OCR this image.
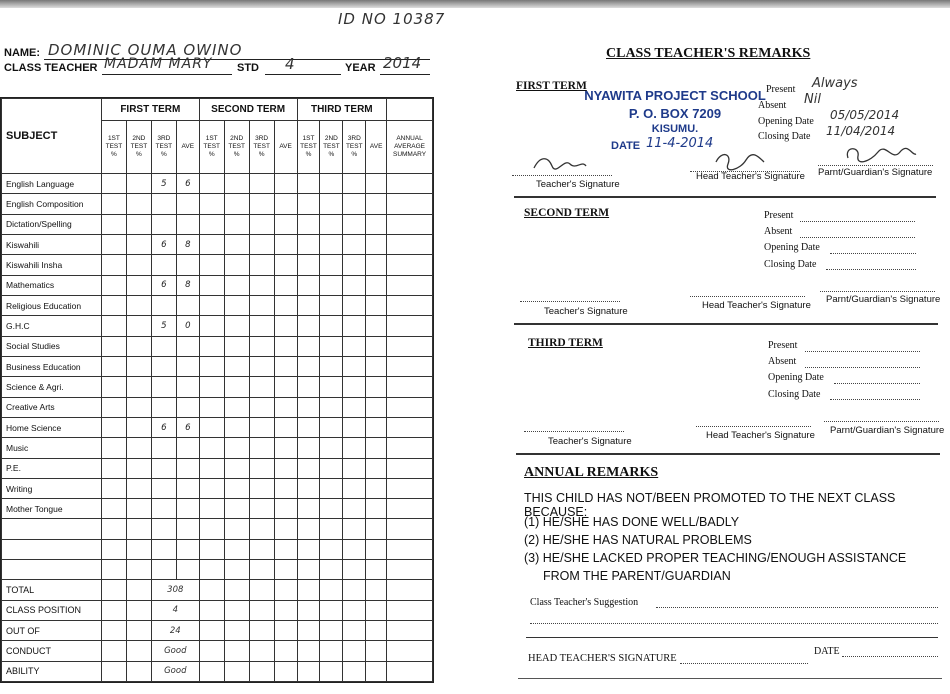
ID NO 10387
NAME: DOMINIC OUMA OWINO
CLASS TEACHER MADAM MARY STD 4	YEAR 2014
SUBJECT	FIRST TERM				SECOND TERM				THIRD TERM				
	1ST TEST %	2ND TEST %	3RD TEST %	AVE	1ST TEST %	2ND TEST %	3RD TEST %	AVE	1ST TEST %	2ND TEST %	3RD TEST %	AVE	ANNUAL AVERAGE SUMMARY
English Language			5	6									
English Composition													
Dictation/Spelling													
Kiswahili			6	8									
Kiswahili Insha													
Mathematics			6	8									
Religious Education													
G.H.C			5	0									
Social Studies													
Business Education													
Science & Agri.													
Creative Arts													
Home Science			6	6									
Music													
P.E.													
Writing													
Mother Tongue													

TOTAL			308										
CLASS POSITION			4										
OUT OF			24										
CONDUCT			Good										
ABILITY			Good										
CLASS TEACHER'S REMARKS
FIRST TERM
NYAWITA PROJECT SCHOOL
P. O. BOX 7209
KISUMU.
DATE 11-4-2014
Present Always
Absent Nil
Opening Date 05/05/2014
Closing Date 11/04/2014
Teacher's Signature
Head Teacher's Signature Parnt/Guardian's Signature
SECOND TERM	Present
Absent
Opening Date
Closing Date
Teacher's Signature
Head Teacher's Signature
Parnt/Guardian's Signature
THIRD TERM	Present
Absent
Opening Date
Closing Date
Teacher's Signature
Head Teacher's Signature Parnt/Guardian's Signature
ANNUAL REMARKS
THIS CHILD HAS NOT/BEEN PROMOTED TO THE NEXT CLASS BECAUSE:
(1) HE/SHE HAS DONE WELL/BADLY
(2) HE/SHE HAS NATURAL PROBLEMS
(3) HE/SHE LACKED PROPER TEACHING/ENOUGH ASSISTANCE
FROM THE PARENT/GUARDIAN
Class Teacher's Suggestion
HEAD TEACHER'S SIGNATURE
DATE
